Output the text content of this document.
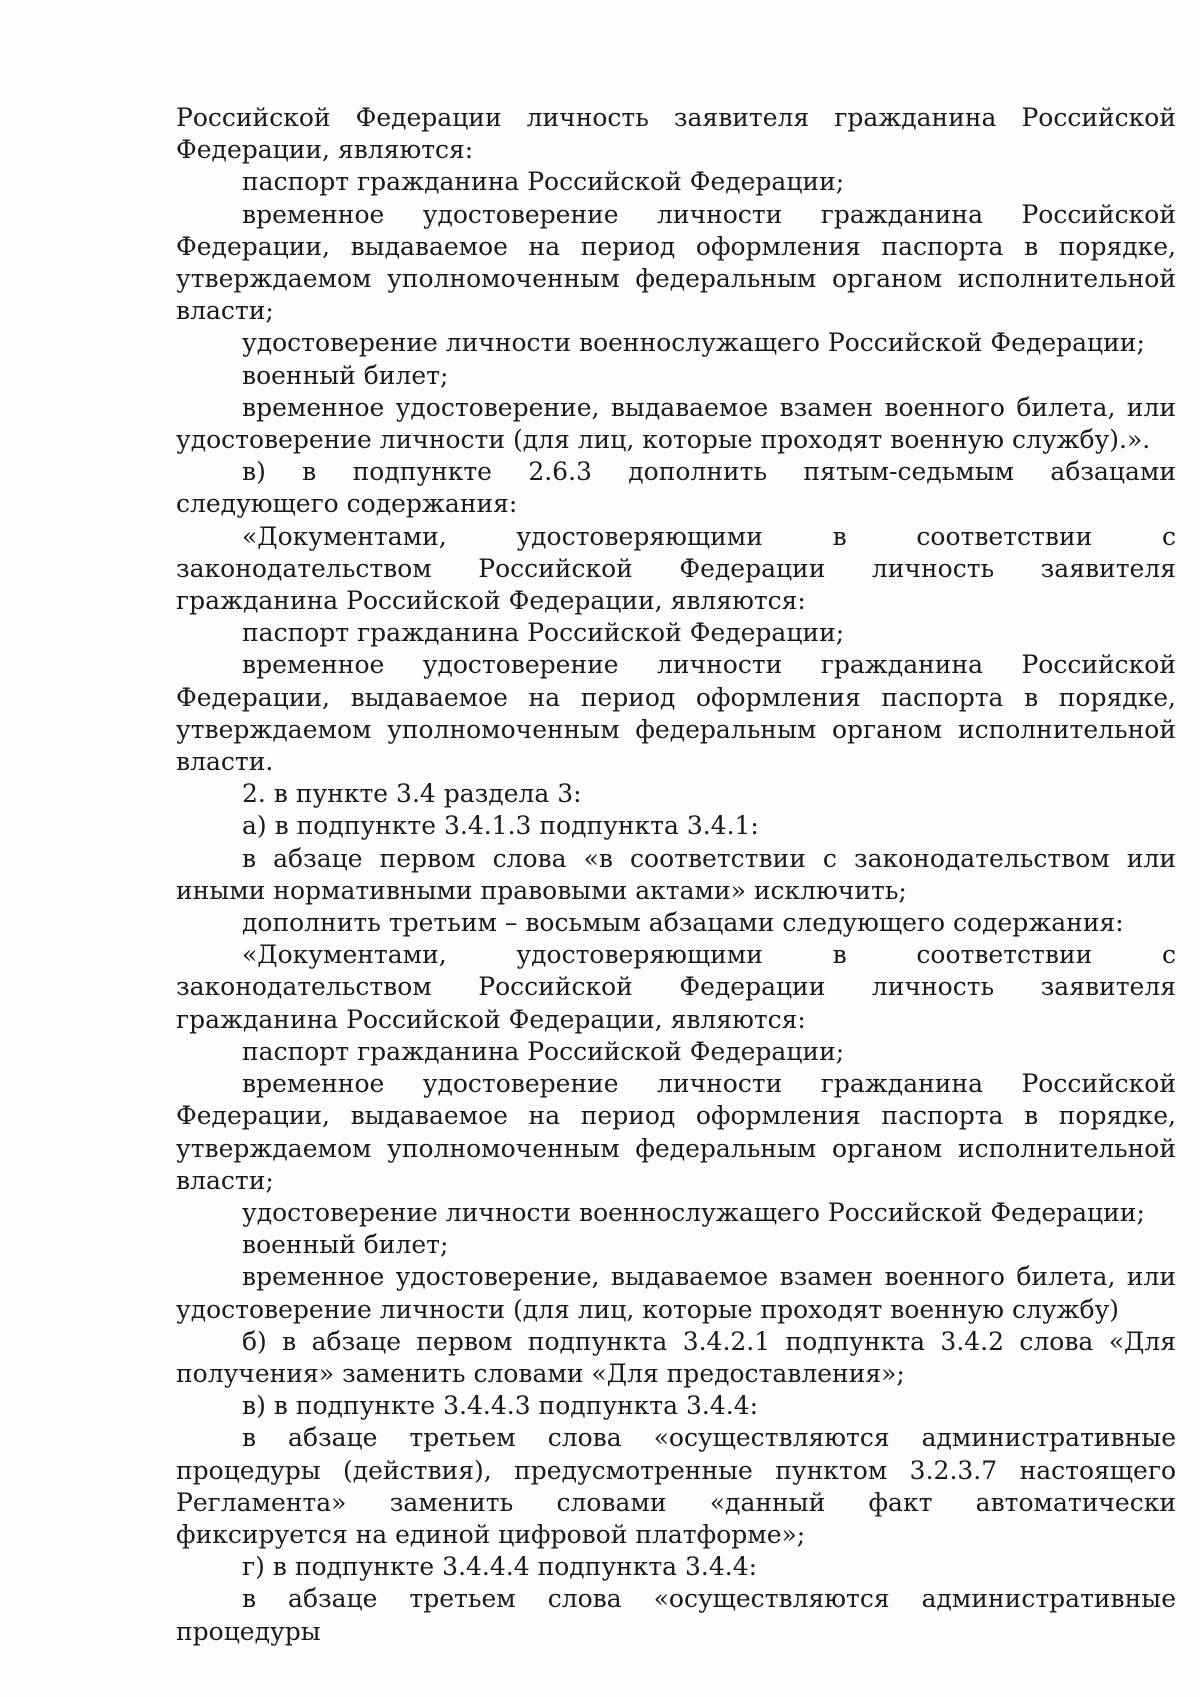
Российской Федерации личность заявителя гражданина Российской Федерации, являются:

паспорт гражданина Российской Федерации;

временное удостоверение личности гражданина Российской Федерации, выдаваемое на период оформления паспорта в порядке, утверждаемом уполномоченным федеральным органом исполнительной власти;

удостоверение личности военнослужащего Российской Федерации;

военный билет;

временное удостоверение, выдаваемое взамен военного билета, или удостоверение личности (для лиц, которые проходят военную службу).».

в) в подпункте 2.6.3 дополнить пятым-седьмым абзацами следующего содержания:

«Документами, удостоверяющими в соответствии с законодательством Российской Федерации личность заявителя гражданина Российской Федерации, являются:

паспорт гражданина Российской Федерации;

временное удостоверение личности гражданина Российской Федерации, выдаваемое на период оформления паспорта в порядке, утверждаемом уполномоченным федеральным органом исполнительной власти.

2. в пункте 3.4 раздела 3:

а) в подпункте 3.4.1.3 подпункта 3.4.1:

в абзаце первом слова «в соответствии с законодательством или иными нормативными правовыми актами» исключить;

дополнить третьим – восьмым абзацами следующего содержания:

«Документами, удостоверяющими в соответствии с законодательством Российской Федерации личность заявителя гражданина Российской Федерации, являются:

паспорт гражданина Российской Федерации;

временное удостоверение личности гражданина Российской Федерации, выдаваемое на период оформления паспорта в порядке, утверждаемом уполномоченным федеральным органом исполнительной власти;

удостоверение личности военнослужащего Российской Федерации;

военный билет;

временное удостоверение, выдаваемое взамен военного билета, или удостоверение личности (для лиц, которые проходят военную службу)

б) в абзаце первом подпункта 3.4.2.1 подпункта 3.4.2 слова «Для получения» заменить словами «Для предоставления»;

в) в подпункте 3.4.4.3 подпункта 3.4.4:

в абзаце третьем слова «осуществляются административные процедуры (действия), предусмотренные пунктом 3.2.3.7 настоящего Регламента» заменить словами «данный факт автоматически фиксируется на единой цифровой платформе»;

г) в подпункте 3.4.4.4 подпункта 3.4.4:

в абзаце третьем слова «осуществляются административные процедуры
